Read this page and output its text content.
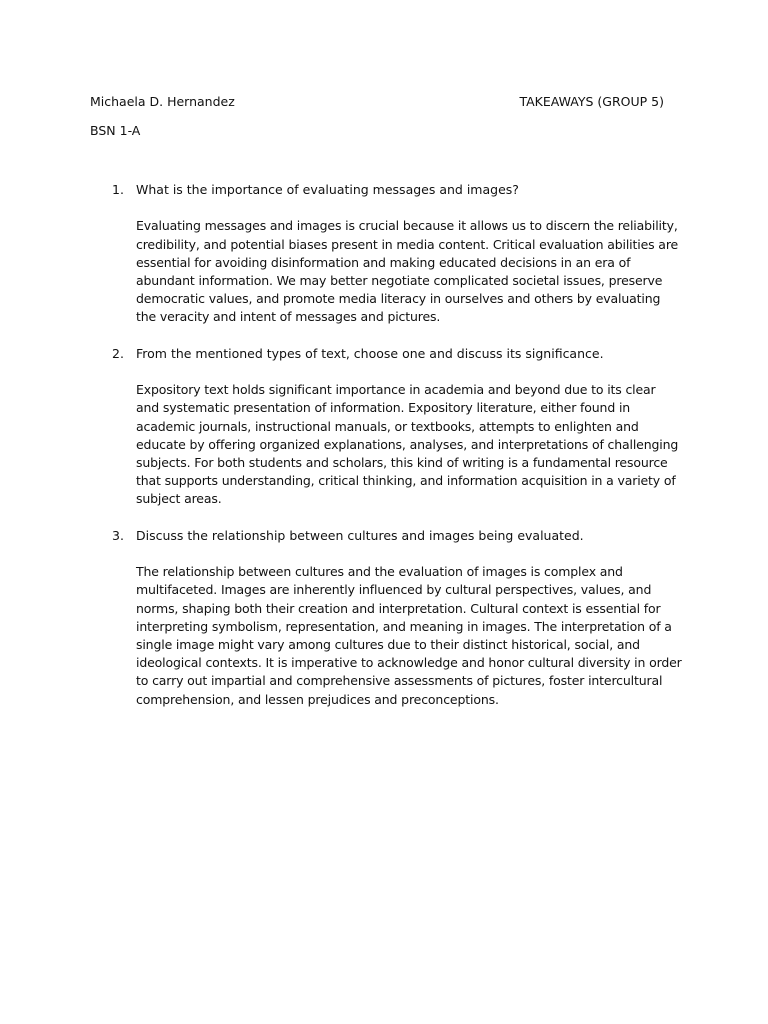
Michaela D. Hernandez	TAKEAWAYS (GROUP 5)
BSN 1-A
1. What is the importance of evaluating messages and images?

Evaluating messages and images is crucial because it allows us to discern the reliability, credibility, and potential biases present in media content. Critical evaluation abilities are essential for avoiding disinformation and making educated decisions in an era of abundant information. We may better negotiate complicated societal issues, preserve democratic values, and promote media literacy in ourselves and others by evaluating the veracity and intent of messages and pictures.

2. From the mentioned types of text, choose one and discuss its significance.

Expository text holds significant importance in academia and beyond due to its clear and systematic presentation of information. Expository literature, either found in academic journals, instructional manuals, or textbooks, attempts to enlighten and educate by offering organized explanations, analyses, and interpretations of challenging subjects. For both students and scholars, this kind of writing is a fundamental resource that supports understanding, critical thinking, and information acquisition in a variety of subject areas.

3. Discuss the relationship between cultures and images being evaluated.

The relationship between cultures and the evaluation of images is complex and multifaceted. Images are inherently influenced by cultural perspectives, values, and norms, shaping both their creation and interpretation. Cultural context is essential for interpreting symbolism, representation, and meaning in images. The interpretation of a single image might vary among cultures due to their distinct historical, social, and ideological contexts. It is imperative to acknowledge and honor cultural diversity in order to carry out impartial and comprehensive assessments of pictures, foster intercultural comprehension, and lessen prejudices and preconceptions.
